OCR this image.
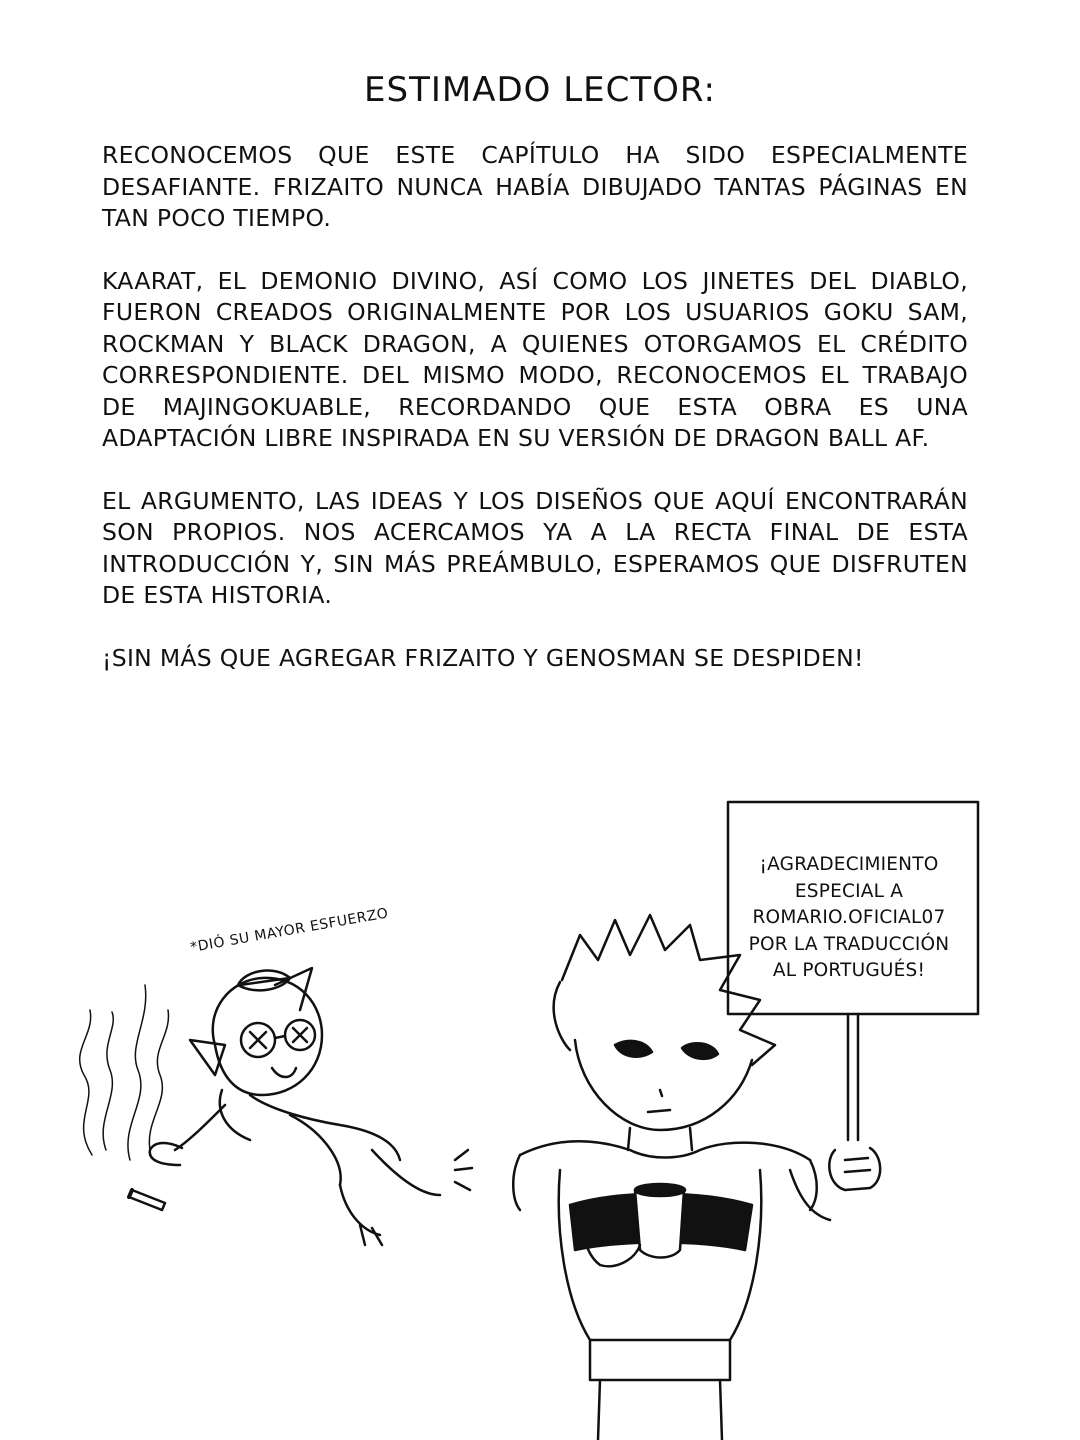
ESTIMADO LECTOR:

RECONOCEMOS QUE ESTE CAPÍTULO HA SIDO ESPECIALMENTE DESAFIANTE. FRIZAITO NUNCA HABÍA DIBUJADO TANTAS PÁGINAS EN TAN POCO TIEMPO.

KAARAT, EL DEMONIO DIVINO, ASÍ COMO LOS JINETES DEL DIABLO, FUERON CREADOS ORIGINALMENTE POR LOS USUARIOS GOKU SAM, ROCKMAN Y BLACK DRAGON, A QUIENES OTORGAMOS EL CRÉDITO CORRESPONDIENTE. DEL MISMO MODO, RECONOCEMOS EL TRABAJO DE MAJINGOKUABLE, RECORDANDO QUE ESTA OBRA ES UNA ADAPTACIÓN LIBRE INSPIRADA EN SU VERSIÓN DE DRAGON BALL AF.

EL ARGUMENTO, LAS IDEAS Y LOS DISEÑOS QUE AQUÍ ENCONTRARÁN SON PROPIOS. NOS ACERCAMOS YA A LA RECTA FINAL DE ESTA INTRODUCCIÓN Y, SIN MÁS PREÁMBULO, ESPERAMOS QUE DISFRUTEN DE ESTA HISTORIA.

¡SIN MÁS QUE AGREGAR FRIZAITO Y GENOSMAN SE DESPIDEN!

*DIÓ SU MAYOR ESFUERZO
¡AGRADECIMIENTO
ESPECIAL A
ROMARIO.OFICIAL07
POR LA TRADUCCIÓN
AL PORTUGUÉS!
